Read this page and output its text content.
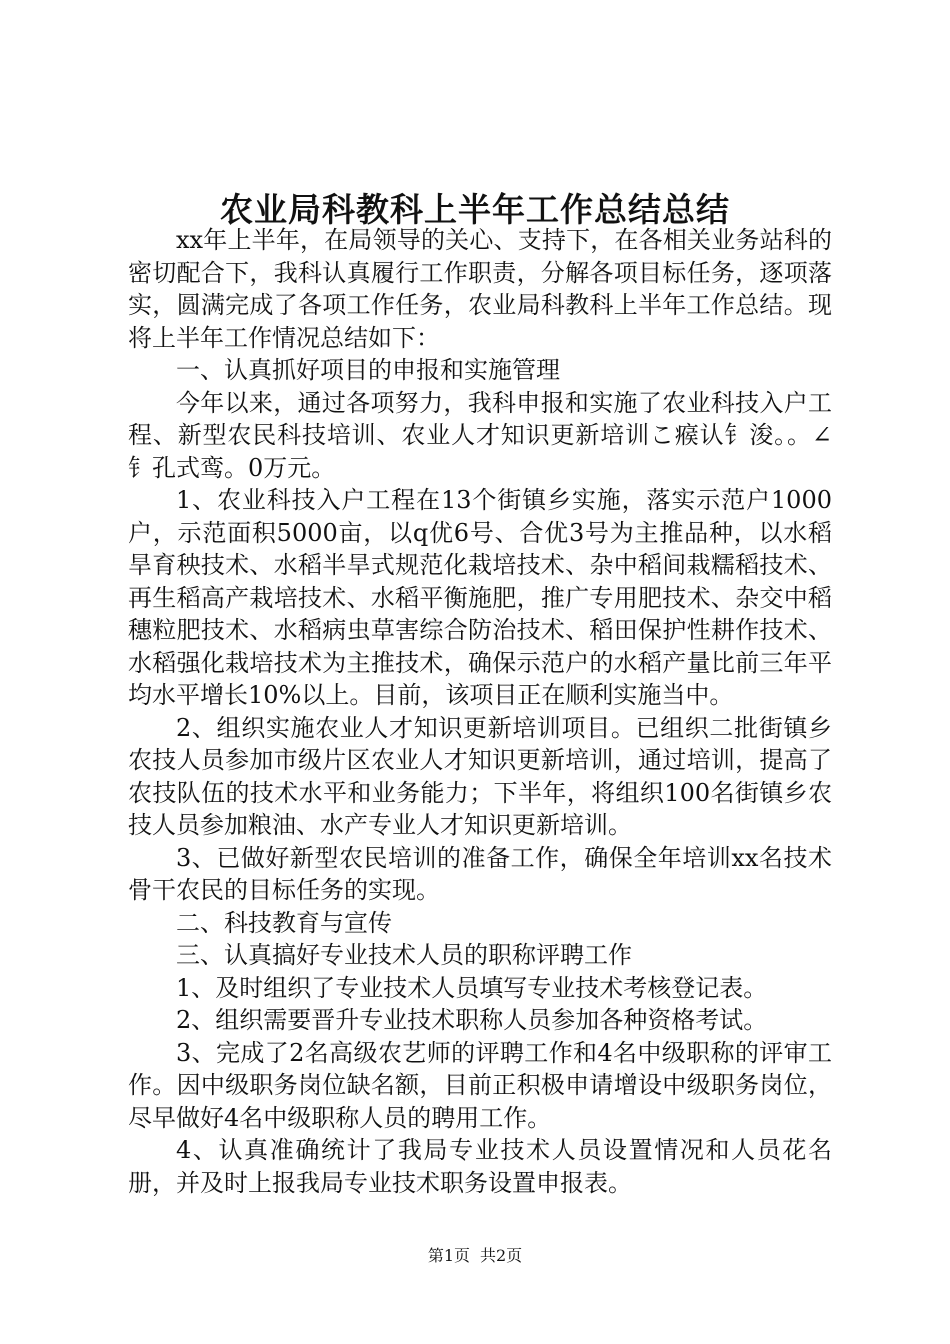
农业局科教科上半年工作总结总结

xx年上半年，在局领导的关心、支持下，在各相关业务站科的密切配合下，我科认真履行工作职责，分解各项目标任务，逐项落实，圆满完成了各项工作任务，农业局科教科上半年工作总结。现将上半年工作情况总结如下：

一、认真抓好项目的申报和实施管理

今年以来，通过各项努力，我科申报和实施了农业科技入户工程、新型农民科技培训、农业人才知识更新培训こ瘊认钅浚。。∠钅孔式鸾。0万元。

1、农业科技入户工程在13个街镇乡实施，落实示范户1000户，示范面积5000亩，以q优6号、合优3号为主推品种，以水稻旱育秧技术、水稻半旱式规范化栽培技术、杂中稻间栽糯稻技术、再生稻高产栽培技术、水稻平衡施肥，推广专用肥技术、杂交中稻穗粒肥技术、水稻病虫草害综合防治技术、稻田保护性耕作技术、水稻强化栽培技术为主推技术，确保示范户的水稻产量比前三年平均水平增长10%以上。目前，该项目正在顺利实施当中。

2、组织实施农业人才知识更新培训项目。已组织二批街镇乡农技人员参加市级片区农业人才知识更新培训，通过培训，提高了农技队伍的技术水平和业务能力；下半年，将组织100名街镇乡农技人员参加粮油、水产专业人才知识更新培训。

3、已做好新型农民培训的准备工作，确保全年培训xx名技术骨干农民的目标任务的实现。

二、科技教育与宣传

三、认真搞好专业技术人员的职称评聘工作

1、及时组织了专业技术人员填写专业技术考核登记表。

2、组织需要晋升专业技术职称人员参加各种资格考试。

3、完成了2名高级农艺师的评聘工作和4名中级职称的评审工作。因中级职务岗位缺名额，目前正积极申请增设中级职务岗位，尽早做好4名中级职称人员的聘用工作。

4、认真准确统计了我局专业技术人员设置情况和人员花名册，并及时上报我局专业技术职务设置申报表。

第1页 共2页
